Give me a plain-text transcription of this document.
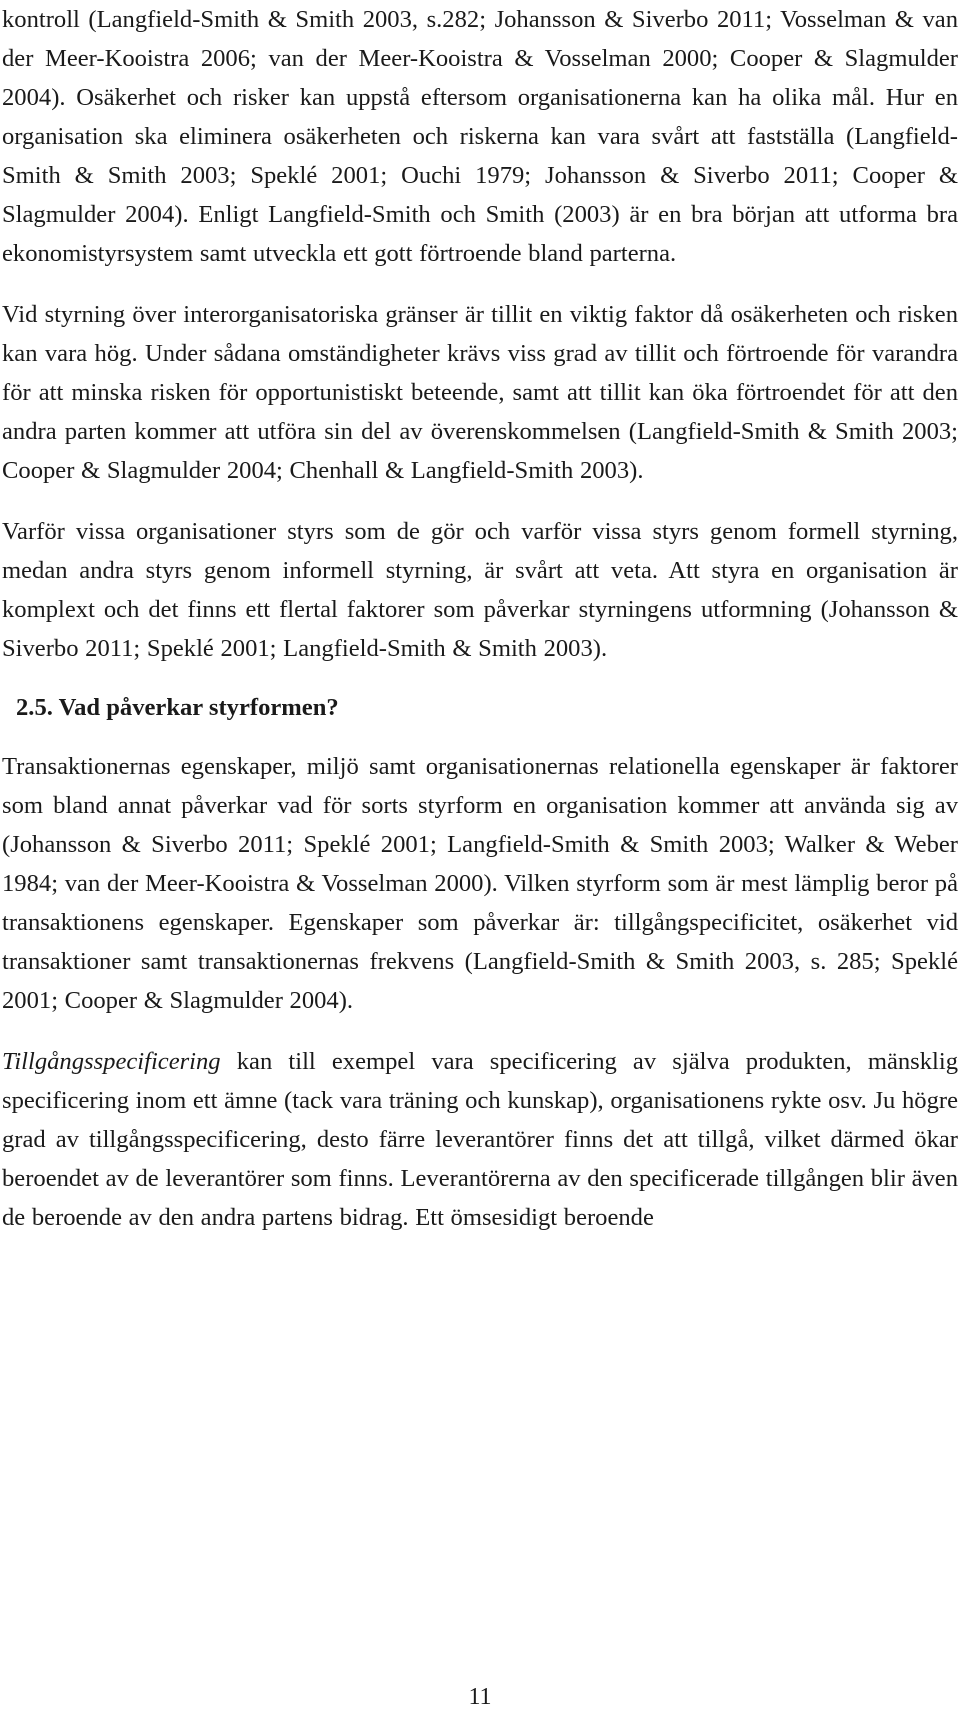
kontroll (Langfield-Smith & Smith 2003, s.282; Johansson & Siverbo 2011; Vosselman & van der Meer-Kooistra 2006; van der Meer-Kooistra & Vosselman 2000; Cooper & Slagmulder 2004). Osäkerhet och risker kan uppstå eftersom organisationerna kan ha olika mål. Hur en organisation ska eliminera osäkerheten och riskerna kan vara svårt att fastställa (Langfield-Smith & Smith 2003; Speklé 2001; Ouchi 1979; Johansson & Siverbo 2011; Cooper & Slagmulder 2004). Enligt Langfield-Smith och Smith (2003) är en bra början att utforma bra ekonomistyrsystem samt utveckla ett gott förtroende bland parterna.

Vid styrning över interorganisatoriska gränser är tillit en viktig faktor då osäkerheten och risken kan vara hög. Under sådana omständigheter krävs viss grad av tillit och förtroende för varandra för att minska risken för opportunistiskt beteende, samt att tillit kan öka förtroendet för att den andra parten kommer att utföra sin del av överenskommelsen (Langfield-Smith & Smith 2003; Cooper & Slagmulder 2004; Chenhall & Langfield-Smith 2003).

Varför vissa organisationer styrs som de gör och varför vissa styrs genom formell styrning, medan andra styrs genom informell styrning, är svårt att veta. Att styra en organisation är komplext och det finns ett flertal faktorer som påverkar styrningens utformning (Johansson & Siverbo 2011; Speklé 2001; Langfield-Smith & Smith 2003).

2.5. Vad påverkar styrformen?

Transaktionernas egenskaper, miljö samt organisationernas relationella egenskaper är faktorer som bland annat påverkar vad för sorts styrform en organisation kommer att använda sig av (Johansson & Siverbo 2011; Speklé 2001; Langfield-Smith & Smith 2003; Walker & Weber 1984; van der Meer-Kooistra & Vosselman 2000). Vilken styrform som är mest lämplig beror på transaktionens egenskaper. Egenskaper som påverkar är: tillgångspecificitet, osäkerhet vid transaktioner samt transaktionernas frekvens (Langfield-Smith & Smith 2003, s. 285; Speklé 2001; Cooper & Slagmulder 2004).

Tillgångsspecificering kan till exempel vara specificering av själva produkten, mänsklig specificering inom ett ämne (tack vara träning och kunskap), organisationens rykte osv. Ju högre grad av tillgångsspecificering, desto färre leverantörer finns det att tillgå, vilket därmed ökar beroendet av de leverantörer som finns. Leverantörerna av den specificerade tillgången blir även de beroende av den andra partens bidrag. Ett ömsesidigt beroende

11
